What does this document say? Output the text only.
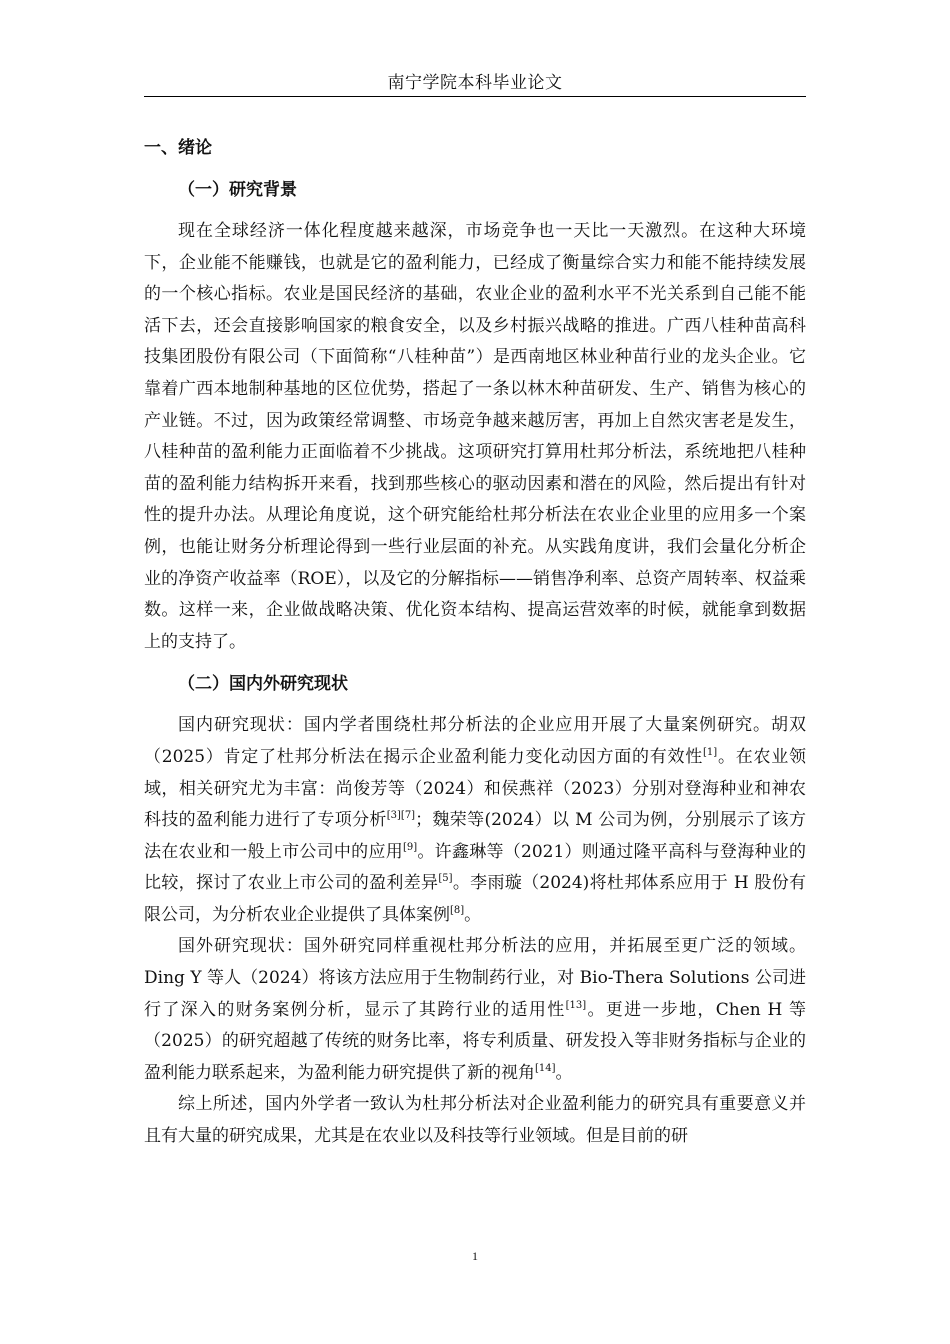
南宁学院本科毕业论文
一、绪论
（一）研究背景

现在全球经济一体化程度越来越深，市场竞争也一天比一天激烈。在这种大环境下，企业能不能赚钱，也就是它的盈利能力，已经成了衡量综合实力和能不能持续发展的一个核心指标。农业是国民经济的基础，农业企业的盈利水平不光关系到自己能不能活下去，还会直接影响国家的粮食安全，以及乡村振兴战略的推进。广西八桂种苗高科技集团股份有限公司（下面简称“八桂种苗”）是西南地区林业种苗行业的龙头企业。它靠着广西本地制种基地的区位优势，搭起了一条以林木种苗研发、生产、销售为核心的产业链。不过，因为政策经常调整、市场竞争越来越厉害，再加上自然灾害老是发生，八桂种苗的盈利能力正面临着不少挑战。这项研究打算用杜邦分析法，系统地把八桂种苗的盈利能力结构拆开来看，找到那些核心的驱动因素和潜在的风险，然后提出有针对性的提升办法。从理论角度说，这个研究能给杜邦分析法在农业企业里的应用多一个案例，也能让财务分析理论得到一些行业层面的补充。从实践角度讲，我们会量化分析企业的净资产收益率（ROE），以及它的分解指标——销售净利率、总资产周转率、权益乘数。这样一来，企业做战略决策、优化资本结构、提高运营效率的时候，就能拿到数据上的支持了。

（二）国内外研究现状

国内研究现状：国内学者围绕杜邦分析法的企业应用开展了大量案例研究。胡双（2025）肯定了杜邦分析法在揭示企业盈利能力变化动因方面的有效性[1]。在农业领域，相关研究尤为丰富：尚俊芳等（2024）和侯燕祥（2023）分别对登海种业和神农科技的盈利能力进行了专项分析[3][7]；魏荣等(2024）以 M 公司为例，分别展示了该方法在农业和一般上市公司中的应用[9]。许鑫琳等（2021）则通过隆平高科与登海种业的比较，探讨了农业上市公司的盈利差异[5]。李雨璇（2024)将杜邦体系应用于 H 股份有限公司，为分析农业企业提供了具体案例[8]。

国外研究现状：国外研究同样重视杜邦分析法的应用，并拓展至更广泛的领域。Ding Y 等人（2024）将该方法应用于生物制药行业，对 Bio-Thera Solutions 公司进行了深入的财务案例分析，显示了其跨行业的适用性[13]。更进一步地，Chen H 等（2025）的研究超越了传统的财务比率，将专利质量、研发投入等非财务指标与企业的盈利能力联系起来，为盈利能力研究提供了新的视角[14]。

综上所述，国内外学者一致认为杜邦分析法对企业盈利能力的研究具有重要意义并且有大量的研究成果，尤其是在农业以及科技等行业领域。但是目前的研

1
